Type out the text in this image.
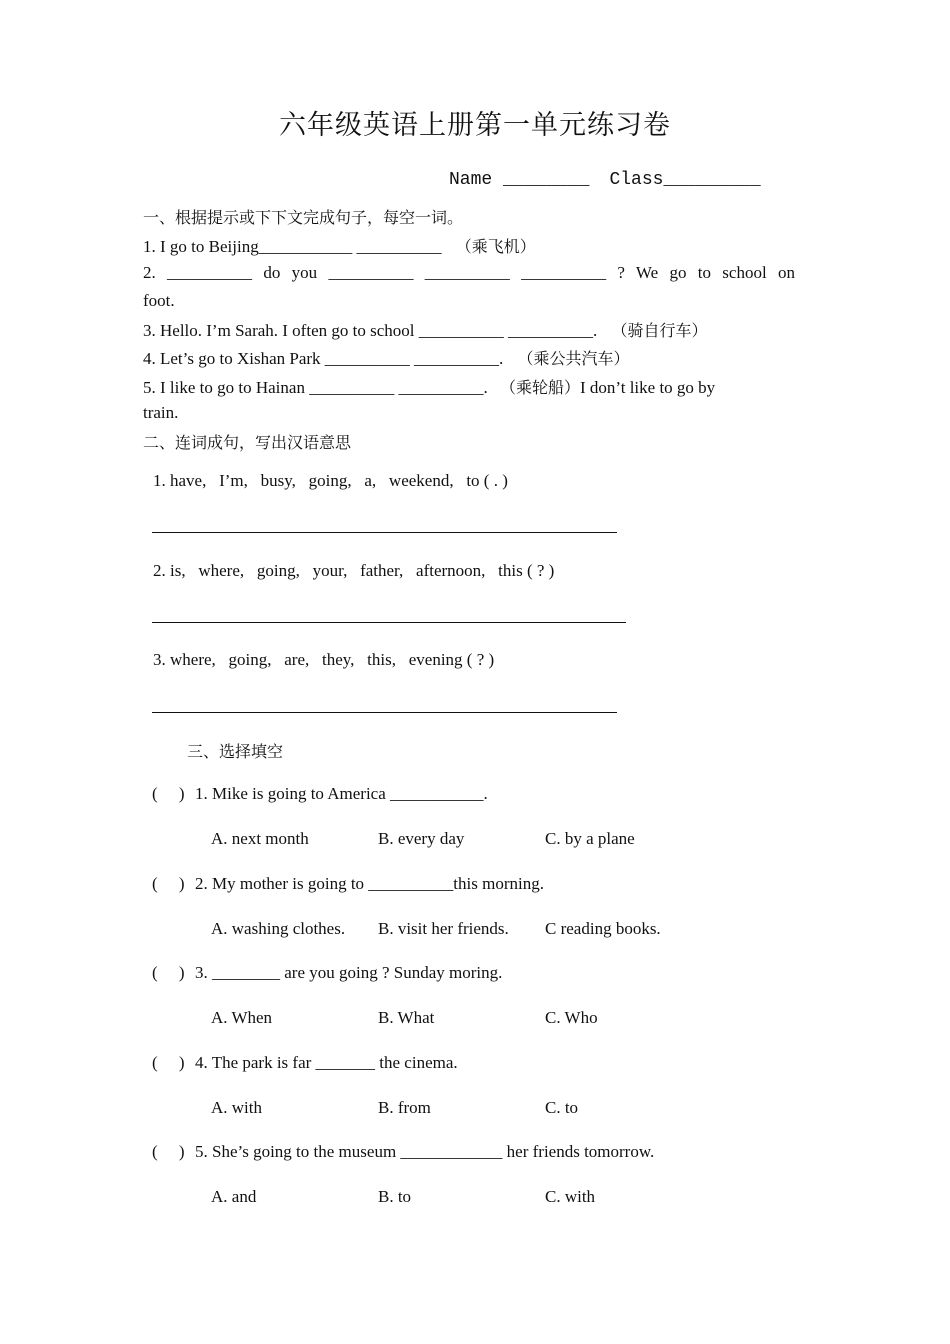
六年级英语上册第一单元练习卷
Name ________ Class_________
一、根据提示或下下文完成句子，每空一词。
1. I go to Beijing___________ __________ （乘飞机）
2. __________ do you __________ __________ __________ ? We go to school on
foot.
3. Hello. I’m Sarah. I often go to school __________ __________. （骑自行车）
4. Let’s go to Xishan Park __________ __________. （乘公共汽车）
5. I like to go to Hainan __________ __________. （乘轮船）I don’t like to go by
train.
二、连词成句，写出汉语意思
1. have,   I’m,   busy,   going,   a,   weekend,   to ( . )
2. is,   where,   going,   your,   father,   afternoon,   this ( ? )
3. where,   going,   are,   they,   this,   evening ( ? )
三、选择填空
(     ) 1. Mike is going to America ___________.
A. next month	B. every day	C. by a plane
(     ) 2. My mother is going to __________this morning.
A. washing clothes. B. visit her friends. C reading books.
(     ) 3. ________ are you going ? Sunday moring.
A. When	B. What	C. Who
(     ) 4. The park is far _______ the cinema.
A. with	B. from	C. to
(     ) 5. She’s going to the museum ____________ her friends tomorrow.
A. and	B. to	C. with
